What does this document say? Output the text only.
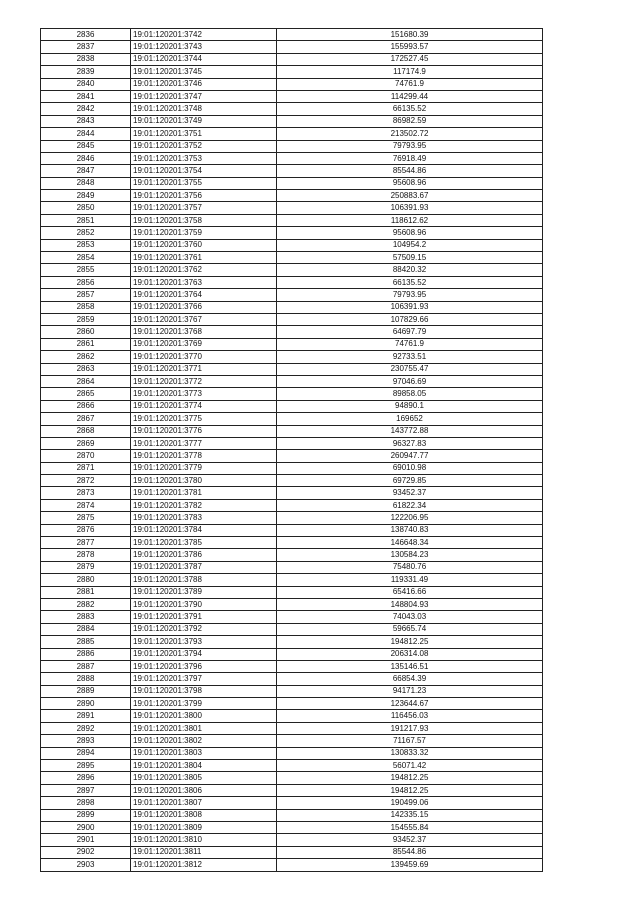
2836	19:01:120201:3742	151680.39
2837	19:01:120201:3743	155993.57
2838	19:01:120201:3744	172527.45
2839	19:01:120201:3745	117174.9
2840	19:01:120201:3746	74761.9
2841	19:01:120201:3747	114299.44
2842	19:01:120201:3748	66135.52
2843	19:01:120201:3749	86982.59
2844	19:01:120201:3751	213502.72
2845	19:01:120201:3752	79793.95
2846	19:01:120201:3753	76918.49
2847	19:01:120201:3754	85544.86
2848	19:01:120201:3755	95608.96
2849	19:01:120201:3756	250883.67
2850	19:01:120201:3757	106391.93
2851	19:01:120201:3758	118612.62
2852	19:01:120201:3759	95608.96
2853	19:01:120201:3760	104954.2
2854	19:01:120201:3761	57509.15
2855	19:01:120201:3762	88420.32
2856	19:01:120201:3763	66135.52
2857	19:01:120201:3764	79793.95
2858	19:01:120201:3766	106391.93
2859	19:01:120201:3767	107829.66
2860	19:01:120201:3768	64697.79
2861	19:01:120201:3769	74761.9
2862	19:01:120201:3770	92733.51
2863	19:01:120201:3771	230755.47
2864	19:01:120201:3772	97046.69
2865	19:01:120201:3773	89858.05
2866	19:01:120201:3774	94890.1
2867	19:01:120201:3775	169652
2868	19:01:120201:3776	143772.88
2869	19:01:120201:3777	96327.83
2870	19:01:120201:3778	260947.77
2871	19:01:120201:3779	69010.98
2872	19:01:120201:3780	69729.85
2873	19:01:120201:3781	93452.37
2874	19:01:120201:3782	61822.34
2875	19:01:120201:3783	122206.95
2876	19:01:120201:3784	138740.83
2877	19:01:120201:3785	146648.34
2878	19:01:120201:3786	130584.23
2879	19:01:120201:3787	75480.76
2880	19:01:120201:3788	119331.49
2881	19:01:120201:3789	65416.66
2882	19:01:120201:3790	148804.93
2883	19:01:120201:3791	74043.03
2884	19:01:120201:3792	59665.74
2885	19:01:120201:3793	194812.25
2886	19:01:120201:3794	206314.08
2887	19:01:120201:3796	135146.51
2888	19:01:120201:3797	66854.39
2889	19:01:120201:3798	94171.23
2890	19:01:120201:3799	123644.67
2891	19:01:120201:3800	116456.03
2892	19:01:120201:3801	191217.93
2893	19:01:120201:3802	71167.57
2894	19:01:120201:3803	130833.32
2895	19:01:120201:3804	56071.42
2896	19:01:120201:3805	194812.25
2897	19:01:120201:3806	194812.25
2898	19:01:120201:3807	190499.06
2899	19:01:120201:3808	142335.15
2900	19:01:120201:3809	154555.84
2901	19:01:120201:3810	93452.37
2902	19:01:120201:3811	85544.86
2903	19:01:120201:3812	139459.69
